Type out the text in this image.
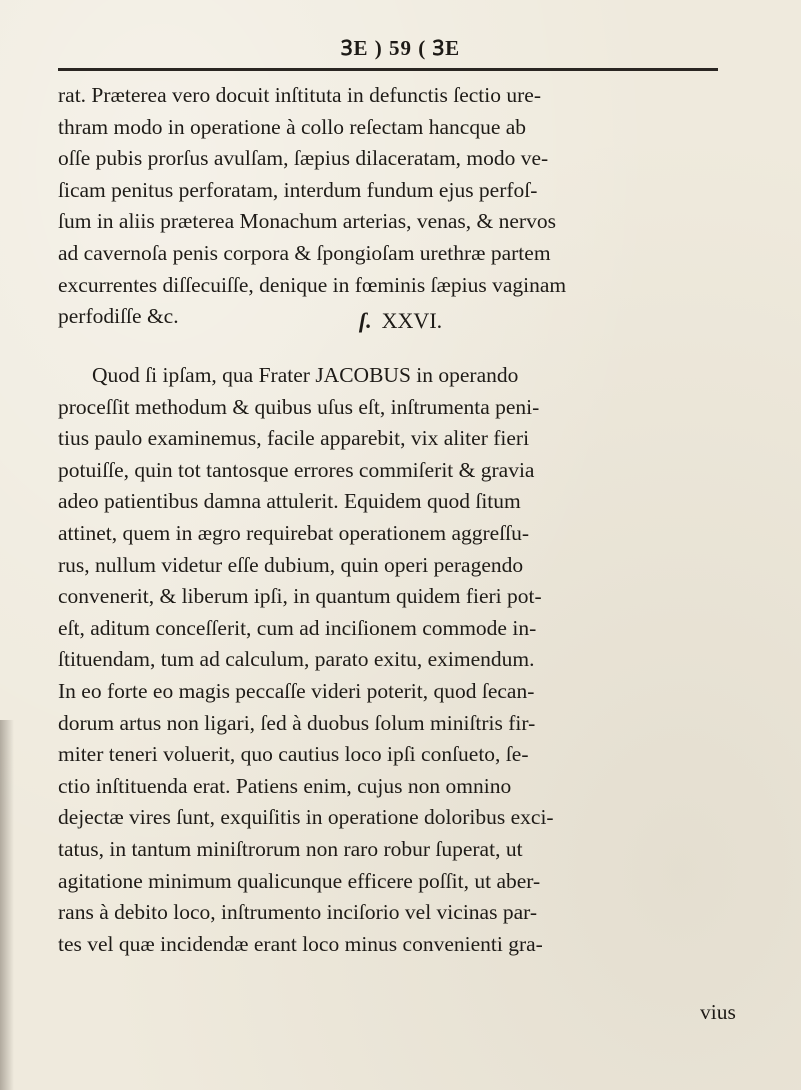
ꝪE ) 59 ( ꝪE
rat. Præterea vero docuit inſtituta in defunctis ſectio ure-
thram modo in operatione à collo reſectam hancque ab
oſſe pubis prorſus avulſam, ſæpius dilaceratam, modo ve-
ſicam penitus perforatam, interdum fundum ejus perfoſ-
ſum in aliis præterea Monachum arterias, venas, & nervos
ad cavernoſa penis corpora & ſpongioſam urethræ partem
excurrentes diſſecuiſſe, denique in fœminis ſæpius vaginam
perfodiſſe &c.	ſ. XXVI.
Quod ſi ipſam, qua Frater JACOBUS in operando
proceſſit methodum & quibus uſus eſt, inſtrumenta peni-
tius paulo examinemus, facile apparebit, vix aliter fieri
potuiſſe, quin tot tantosque errores commiſerit & gravia
adeo patientibus damna attulerit. Equidem quod ſitum
attinet, quem in ægro requirebat operationem aggreſſu-
rus, nullum videtur eſſe dubium, quin operi peragendo
convenerit, & liberum ipſi, in quantum quidem fieri pot-
eſt, aditum conceſſerit, cum ad inciſionem commode in-
ſtituendam, tum ad calculum, parato exitu, eximendum.
In eo forte eo magis peccaſſe videri poterit, quod ſecan-
dorum artus non ligari, ſed à duobus ſolum miniſtris fir-
miter teneri voluerit, quo cautius loco ipſi conſueto, ſe-
ctio inſtituenda erat. Patiens enim, cujus non omnino
dejectæ vires ſunt, exquiſitis in operatione doloribus exci-
tatus, in tantum miniſtrorum non raro robur ſuperat, ut
agitatione minimum qualicunque efficere poſſit, ut aber-
rans à debito loco, inſtrumento inciſorio vel vicinas par-
tes vel quæ incidendæ erant loco minus convenienti gra-
vius
